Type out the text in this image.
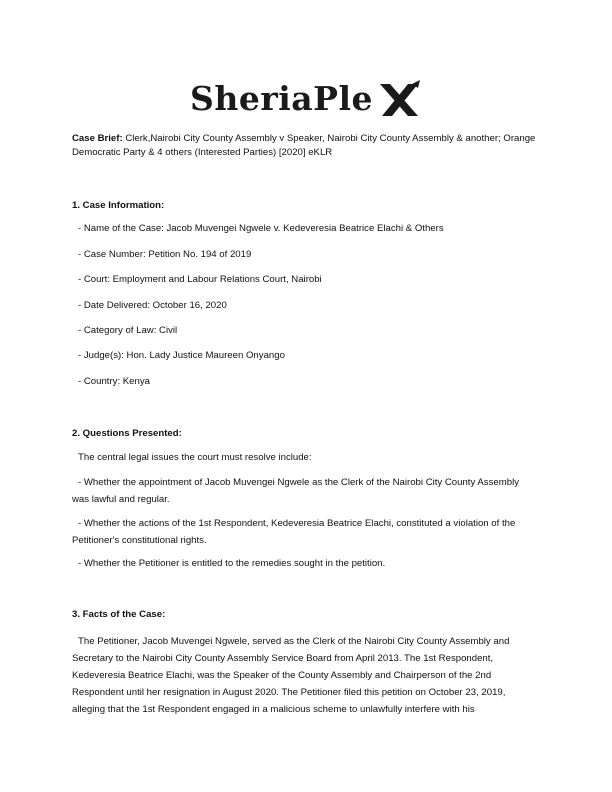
SheriaPle

Case Brief: Clerk,Nairobi City County Assembly v Speaker, Nairobi City County Assembly & another; Orange Democratic Party & 4 others (Interested Parties) [2020] eKLR

1. Case Information:
- Name of the Case: Jacob Muvengei Ngwele v. Kedeveresia Beatrice Elachi & Others
- Case Number: Petition No. 194 of 2019
- Court: Employment and Labour Relations Court, Nairobi
- Date Delivered: October 16, 2020
- Category of Law: Civil
- Judge(s): Hon. Lady Justice Maureen Onyango
- Country: Kenya
2. Questions Presented:
The central legal issues the court must resolve include:

- Whether the appointment of Jacob Muvengei Ngwele as the Clerk of the Nairobi City County Assembly was lawful and regular.

- Whether the actions of the 1st Respondent, Kedeveresia Beatrice Elachi, constituted a violation of the Petitioner's constitutional rights.

- Whether the Petitioner is entitled to the remedies sought in the petition.
3. Facts of the Case:

The Petitioner, Jacob Muvengei Ngwele, served as the Clerk of the Nairobi City County Assembly and Secretary to the Nairobi City County Assembly Service Board from April 2013. The 1st Respondent, Kedeveresia Beatrice Elachi, was the Speaker of the County Assembly and Chairperson of the 2nd Respondent until her resignation in August 2020. The Petitioner filed this petition on October 23, 2019, alleging that the 1st Respondent engaged in a malicious scheme to unlawfully interfere with his
